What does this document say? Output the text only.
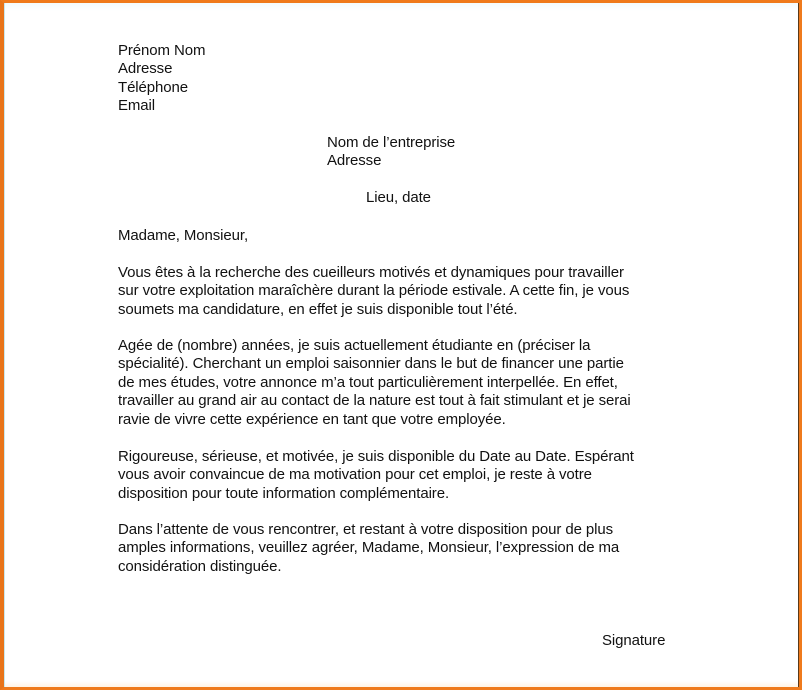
Prénom Nom
Adresse
Téléphone
Email
Nom de l’entreprise
Adresse
Lieu, date
Madame, Monsieur,
Vous êtes à la recherche des cueilleurs motivés et dynamiques pour travailler
sur votre exploitation maraîchère durant la période estivale. A cette fin, je vous
soumets ma candidature, en effet je suis disponible tout l’été.
Agée de (nombre) années, je suis actuellement étudiante en (préciser la
spécialité). Cherchant un emploi saisonnier dans le but de financer une partie
de mes études, votre annonce m’a tout particulièrement interpellée. En effet,
travailler au grand air au contact de la nature est tout à fait stimulant et je serai
ravie de vivre cette expérience en tant que votre employée.
Rigoureuse, sérieuse, et motivée, je suis disponible du Date au Date. Espérant
vous avoir convaincue de ma motivation pour cet emploi, je reste à votre
disposition pour toute information complémentaire.
Dans l’attente de vous rencontrer, et restant à votre disposition pour de plus
amples informations, veuillez agréer, Madame, Monsieur, l’expression de ma
considération distinguée.
Signature
